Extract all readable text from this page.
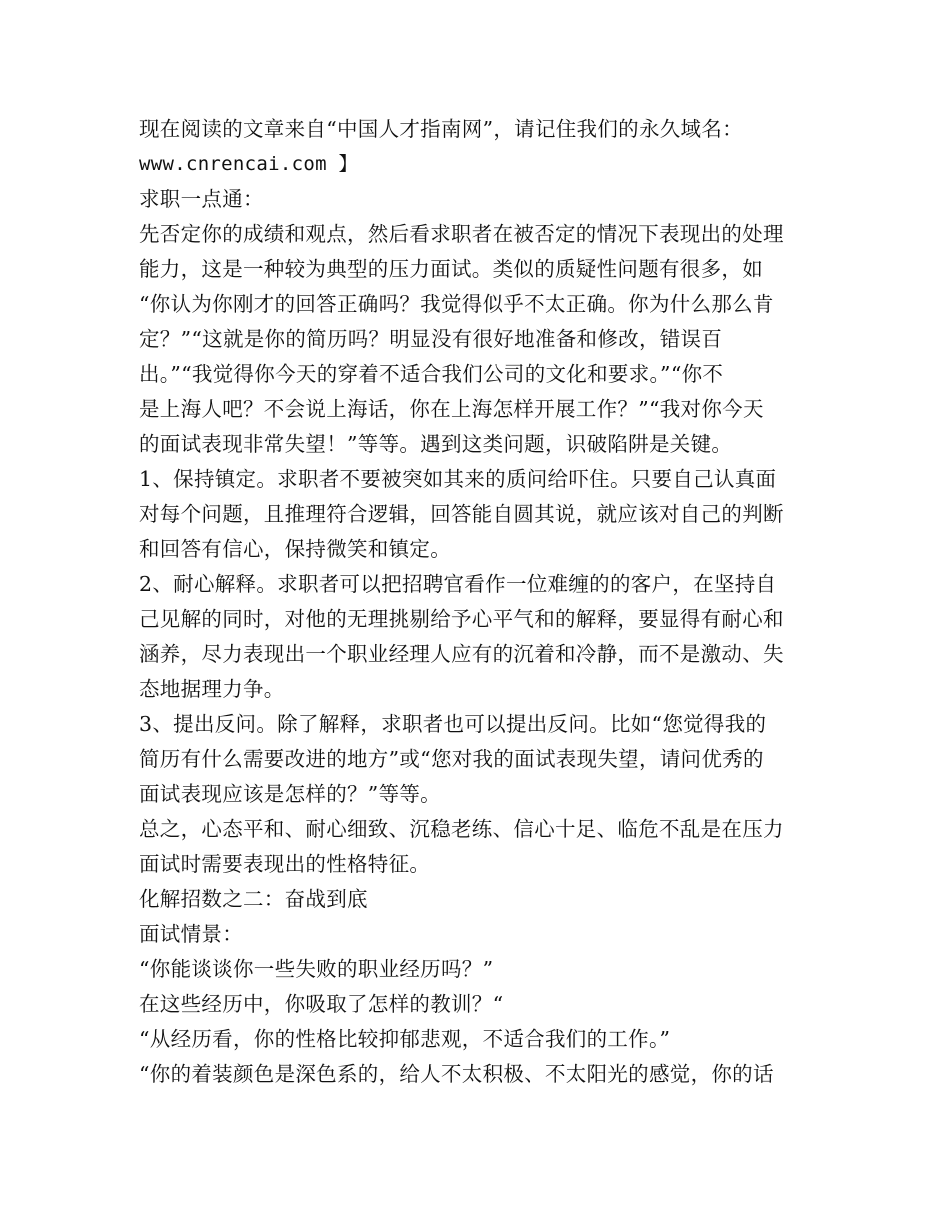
现在阅读的文章来自“中国人才指南网”，请记住我们的永久域名：
www.cnrencai.com 】
求职一点通：
先否定你的成绩和观点，然后看求职者在被否定的情况下表现出的处理
能力，这是一种较为典型的压力面试。类似的质疑性问题有很多，如
“你认为你刚才的回答正确吗？我觉得似乎不太正确。你为什么那么肯
定？”“这就是你的简历吗？明显没有很好地准备和修改，错误百
出。”“我觉得你今天的穿着不适合我们公司的文化和要求。”“你不
是上海人吧？不会说上海话，你在上海怎样开展工作？”“我对你今天
的面试表现非常失望！”等等。遇到这类问题，识破陷阱是关键。
1、保持镇定。求职者不要被突如其来的质问给吓住。只要自己认真面
对每个问题，且推理符合逻辑，回答能自圆其说，就应该对自己的判断
和回答有信心，保持微笑和镇定。
2、耐心解释。求职者可以把招聘官看作一位难缠的的客户，在坚持自
己见解的同时，对他的无理挑剔给予心平气和的解释，要显得有耐心和
涵养，尽力表现出一个职业经理人应有的沉着和冷静，而不是激动、失
态地据理力争。
3、提出反问。除了解释，求职者也可以提出反问。比如“您觉得我的
简历有什么需要改进的地方”或“您对我的面试表现失望，请问优秀的
面试表现应该是怎样的？”等等。
总之，心态平和、耐心细致、沉稳老练、信心十足、临危不乱是在压力
面试时需要表现出的性格特征。
化解招数之二：奋战到底
面试情景：
“你能谈谈你一些失败的职业经历吗？”
在这些经历中，你吸取了怎样的教训？“
“从经历看，你的性格比较抑郁悲观，不适合我们的工作。”
“你的着装颜色是深色系的，给人不太积极、不太阳光的感觉，你的话
